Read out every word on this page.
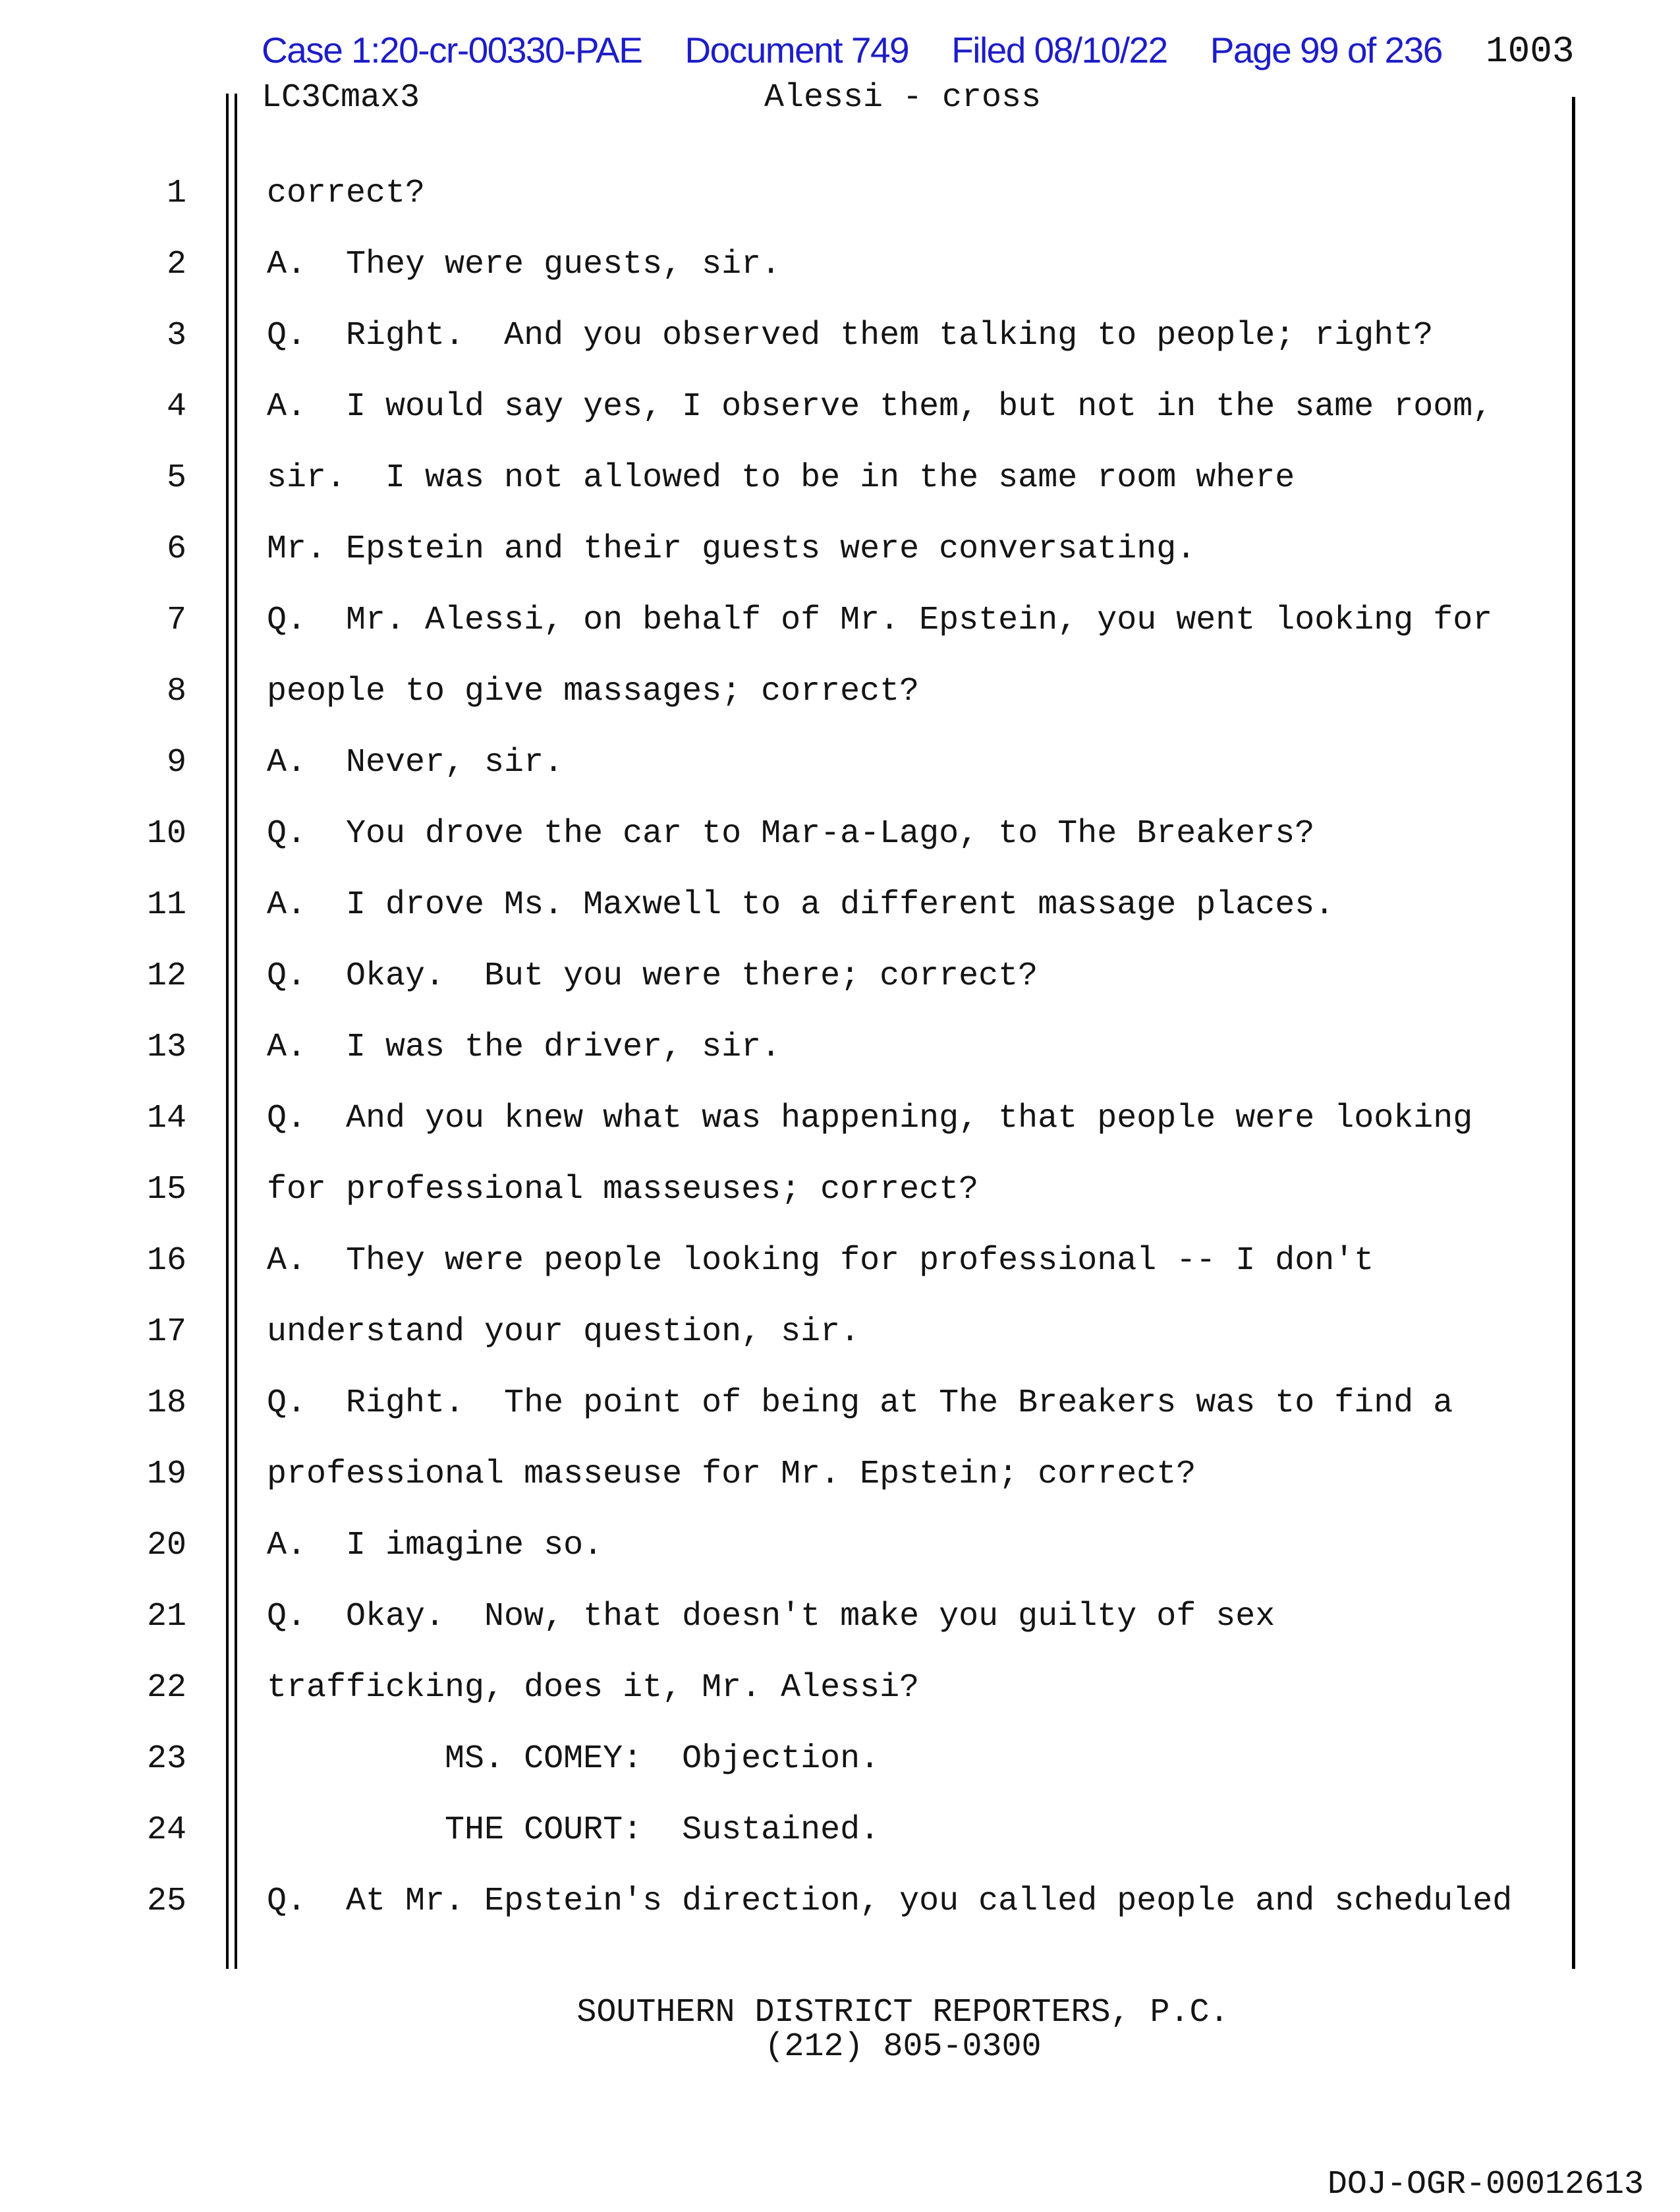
Case 1:20-cr-00330-PAE Document 749 Filed 08/10/22 Page 99 of 236 1003
LC3Cmax3	Alessi - cross
1 correct?
2 A.  They were guests, sir.
3 Q.  Right.  And you observed them talking to people; right?
4 A.  I would say yes, I observe them, but not in the same room,
5 sir.  I was not allowed to be in the same room where
6 Mr. Epstein and their guests were conversating.
7 Q.  Mr. Alessi, on behalf of Mr. Epstein, you went looking for
8 people to give massages; correct?
9 A.  Never, sir.
10 Q.  You drove the car to Mar-a-Lago, to The Breakers?
11 A.  I drove Ms. Maxwell to a different massage places.
12 Q.  Okay.  But you were there; correct?
13 A.  I was the driver, sir.
14 Q.  And you knew what was happening, that people were looking
15 for professional masseuses; correct?
16 A.  They were people looking for professional -- I don't
17 understand your question, sir.
18 Q.  Right.  The point of being at The Breakers was to find a
19 professional masseuse for Mr. Epstein; correct?
20 A.  I imagine so.
21 Q.  Okay.  Now, that doesn't make you guilty of sex
22 trafficking, does it, Mr. Alessi?
23 MS. COMEY:  Objection.
24 THE COURT:  Sustained.
25 Q.  At Mr. Epstein's direction, you called people and scheduled
SOUTHERN DISTRICT REPORTERS, P.C.
(212) 805-0300
DOJ-OGR-00012613
